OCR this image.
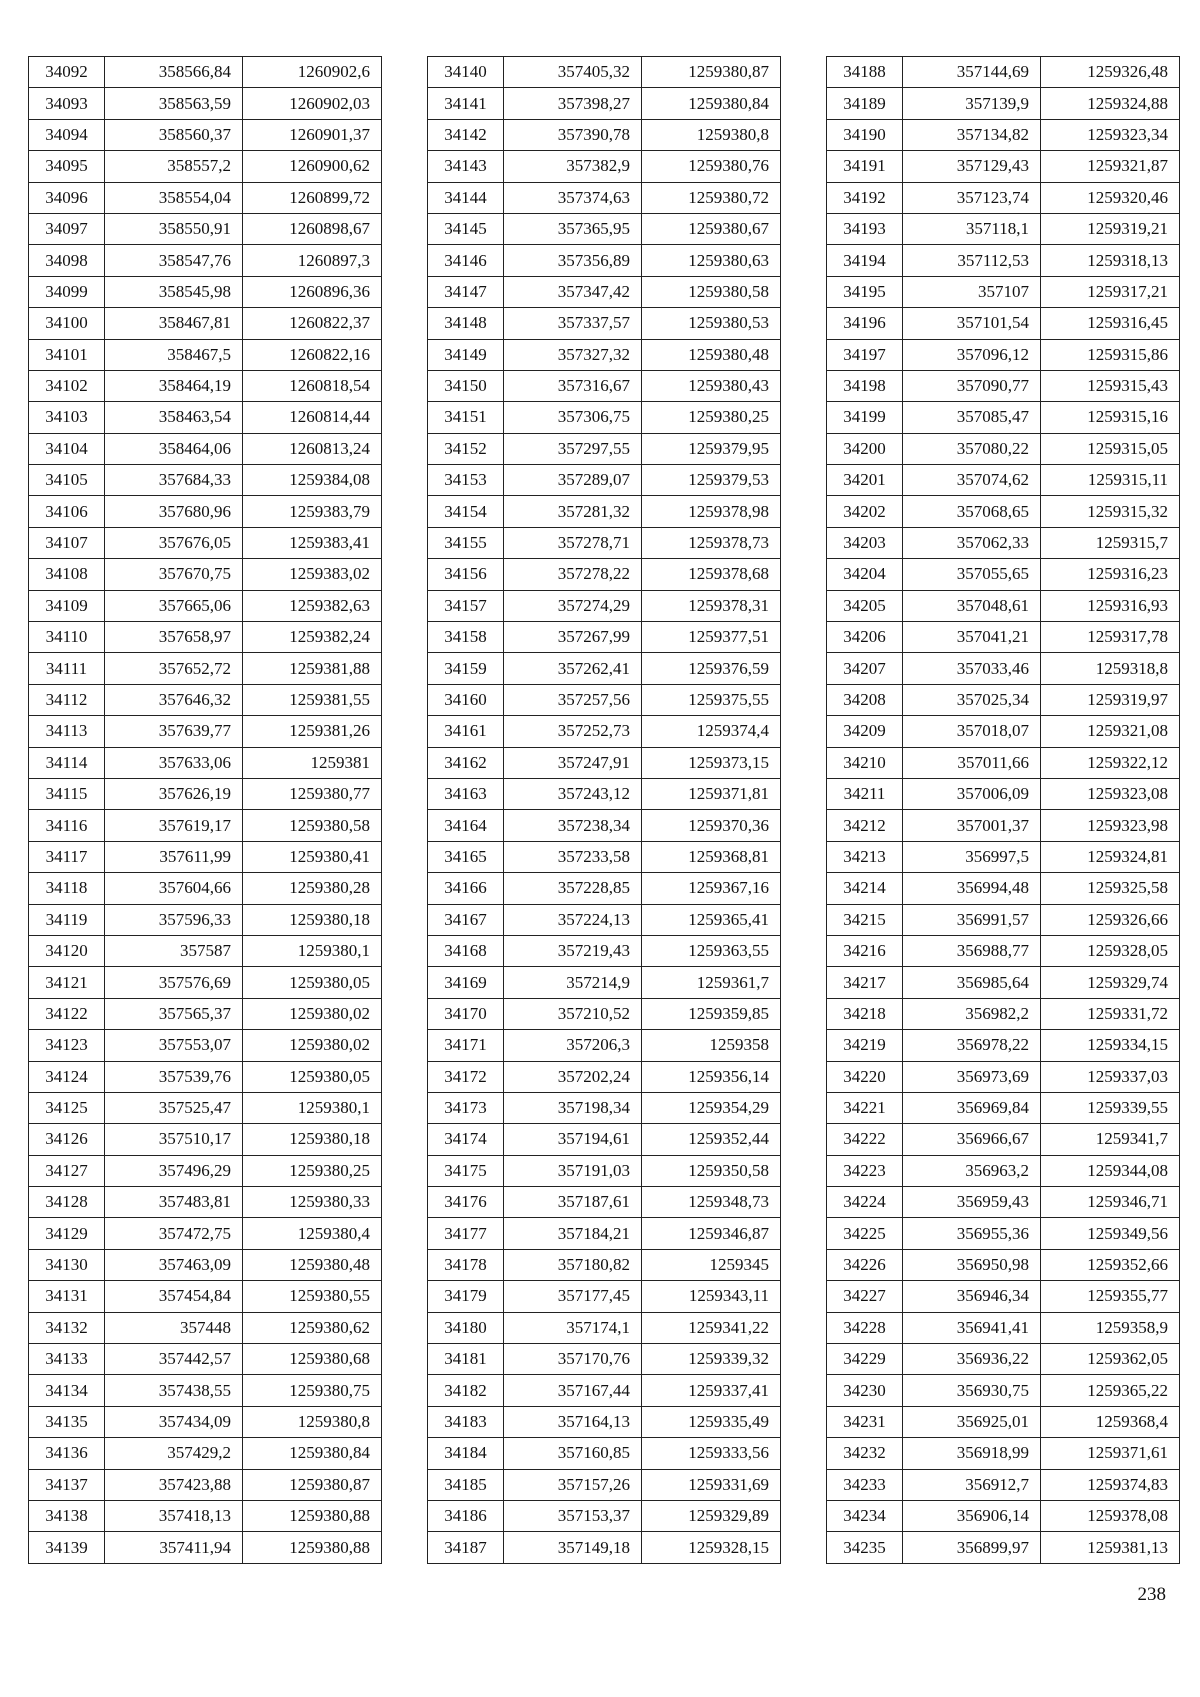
34092	358566,84	1260902,6
34093	358563,59	1260902,03
34094	358560,37	1260901,37
34095	358557,2	1260900,62
34096	358554,04	1260899,72
34097	358550,91	1260898,67
34098	358547,76	1260897,3
34099	358545,98	1260896,36
34100	358467,81	1260822,37
34101	358467,5	1260822,16
34102	358464,19	1260818,54
34103	358463,54	1260814,44
34104	358464,06	1260813,24
34105	357684,33	1259384,08
34106	357680,96	1259383,79
34107	357676,05	1259383,41
34108	357670,75	1259383,02
34109	357665,06	1259382,63
34110	357658,97	1259382,24
34111	357652,72	1259381,88
34112	357646,32	1259381,55
34113	357639,77	1259381,26
34114	357633,06	1259381
34115	357626,19	1259380,77
34116	357619,17	1259380,58
34117	357611,99	1259380,41
34118	357604,66	1259380,28
34119	357596,33	1259380,18
34120	357587	1259380,1
34121	357576,69	1259380,05
34122	357565,37	1259380,02
34123	357553,07	1259380,02
34124	357539,76	1259380,05
34125	357525,47	1259380,1
34126	357510,17	1259380,18
34127	357496,29	1259380,25
34128	357483,81	1259380,33
34129	357472,75	1259380,4
34130	357463,09	1259380,48
34131	357454,84	1259380,55
34132	357448	1259380,62
34133	357442,57	1259380,68
34134	357438,55	1259380,75
34135	357434,09	1259380,8
34136	357429,2	1259380,84
34137	357423,88	1259380,87
34138	357418,13	1259380,88
34139	357411,94	1259380,88
34140	357405,32	1259380,87
34141	357398,27	1259380,84
34142	357390,78	1259380,8
34143	357382,9	1259380,76
34144	357374,63	1259380,72
34145	357365,95	1259380,67
34146	357356,89	1259380,63
34147	357347,42	1259380,58
34148	357337,57	1259380,53
34149	357327,32	1259380,48
34150	357316,67	1259380,43
34151	357306,75	1259380,25
34152	357297,55	1259379,95
34153	357289,07	1259379,53
34154	357281,32	1259378,98
34155	357278,71	1259378,73
34156	357278,22	1259378,68
34157	357274,29	1259378,31
34158	357267,99	1259377,51
34159	357262,41	1259376,59
34160	357257,56	1259375,55
34161	357252,73	1259374,4
34162	357247,91	1259373,15
34163	357243,12	1259371,81
34164	357238,34	1259370,36
34165	357233,58	1259368,81
34166	357228,85	1259367,16
34167	357224,13	1259365,41
34168	357219,43	1259363,55
34169	357214,9	1259361,7
34170	357210,52	1259359,85
34171	357206,3	1259358
34172	357202,24	1259356,14
34173	357198,34	1259354,29
34174	357194,61	1259352,44
34175	357191,03	1259350,58
34176	357187,61	1259348,73
34177	357184,21	1259346,87
34178	357180,82	1259345
34179	357177,45	1259343,11
34180	357174,1	1259341,22
34181	357170,76	1259339,32
34182	357167,44	1259337,41
34183	357164,13	1259335,49
34184	357160,85	1259333,56
34185	357157,26	1259331,69
34186	357153,37	1259329,89
34187	357149,18	1259328,15
34188	357144,69	1259326,48
34189	357139,9	1259324,88
34190	357134,82	1259323,34
34191	357129,43	1259321,87
34192	357123,74	1259320,46
34193	357118,1	1259319,21
34194	357112,53	1259318,13
34195	357107	1259317,21
34196	357101,54	1259316,45
34197	357096,12	1259315,86
34198	357090,77	1259315,43
34199	357085,47	1259315,16
34200	357080,22	1259315,05
34201	357074,62	1259315,11
34202	357068,65	1259315,32
34203	357062,33	1259315,7
34204	357055,65	1259316,23
34205	357048,61	1259316,93
34206	357041,21	1259317,78
34207	357033,46	1259318,8
34208	357025,34	1259319,97
34209	357018,07	1259321,08
34210	357011,66	1259322,12
34211	357006,09	1259323,08
34212	357001,37	1259323,98
34213	356997,5	1259324,81
34214	356994,48	1259325,58
34215	356991,57	1259326,66
34216	356988,77	1259328,05
34217	356985,64	1259329,74
34218	356982,2	1259331,72
34219	356978,22	1259334,15
34220	356973,69	1259337,03
34221	356969,84	1259339,55
34222	356966,67	1259341,7
34223	356963,2	1259344,08
34224	356959,43	1259346,71
34225	356955,36	1259349,56
34226	356950,98	1259352,66
34227	356946,34	1259355,77
34228	356941,41	1259358,9
34229	356936,22	1259362,05
34230	356930,75	1259365,22
34231	356925,01	1259368,4
34232	356918,99	1259371,61
34233	356912,7	1259374,83
34234	356906,14	1259378,08
34235	356899,97	1259381,13
238
